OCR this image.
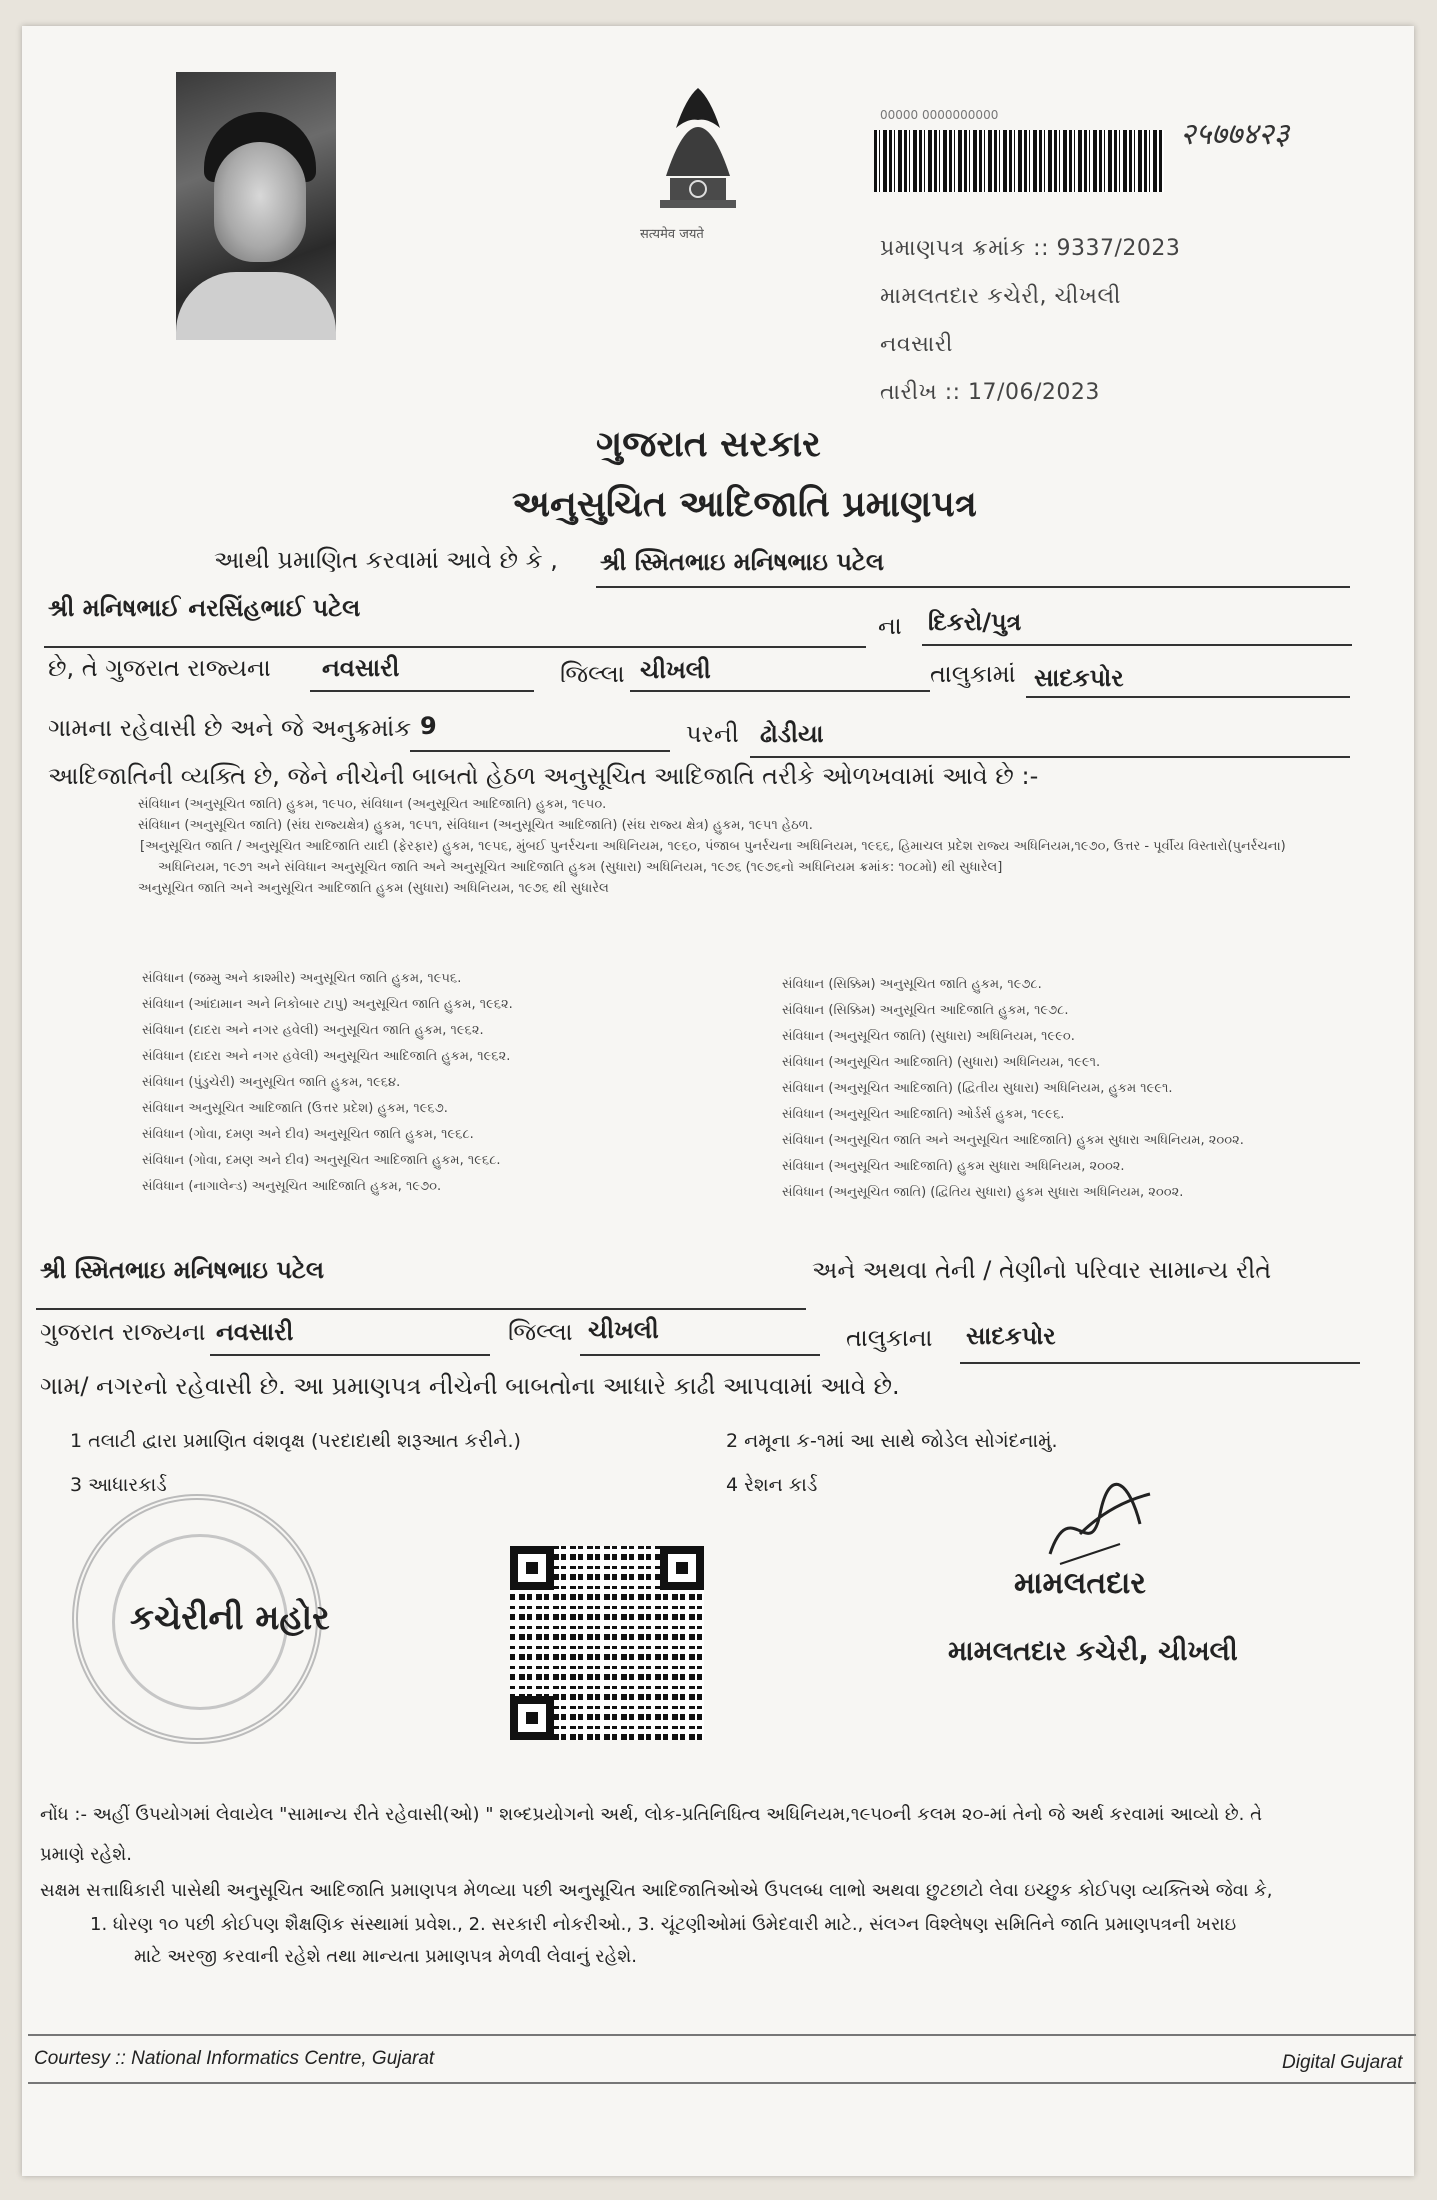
सत्यमेव जयते
00000 0000000000
२५७७४२३
પ્રમાણપત્ર ક્રમાંક :: 9337/2023
મામલતદાર કચેરી, ચીખલી
નવસારી
તારીખ :: 17/06/2023
ગુજરાત સરકાર
અનુસુચિત આદિજાતિ પ્રમાણપત્ર
આથી પ્રમાણિત કરવામાં આવે છે કે , શ્રી સ્મિતભાઇ મનિષભાઇ પટેલ
શ્રી મનિષભાઈ નરસિંહભાઈ પટેલ
ના દિકરો/પુત્ર
છે, તે ગુજરાત રાજ્યના નવસારી	જિલ્લા ચીખલી	તાલુકામાં સાદકપોર
ગામના રહેવાસી છે અને જે અનુક્રમાંક 9	પરની ઢોડીયા
આદિજાતિની વ્યક્તિ છે, જેને નીચેની બાબતો હેઠળ અનુસૂચિત આદિજાતિ તરીકે ઓળખવામાં આવે છે :-
સંવિધાન (અનુસૂચિત જાતિ) હુકમ, ૧૯૫૦, સંવિધાન (અનુસૂચિત આદિજાતિ) હુકમ, ૧૯૫૦.
સંવિધાન (અનુસૂચિત જાતિ) (સંઘ રાજ્યક્ષેત્ર) હુકમ, ૧૯૫૧, સંવિધાન (અનુસૂચિત આદિજાતિ) (સંઘ રાજ્ય ક્ષેત્ર) હુકમ, ૧૯૫૧ હેઠળ.
[અનુસૂચિત જાતિ / અનુસૂચિત આદિજાતિ યાદી (ફેરફાર) હુકમ, ૧૯૫૬, મુંબઈ પુનર્રચના અધિનિયમ, ૧૯૬૦, પંજાબ પુનર્રચના અધિનિયમ, ૧૯૬૬, હિમાચલ પ્રદેશ રાજ્ય અધિનિયમ,૧૯૭૦, ઉત્તર - પૂર્વીય વિસ્તારો(પુનર્રચના)
અધિનિયમ, ૧૯૭૧ અને સંવિધાન અનુસૂચિત જાતિ અને અનુસૂચિત આદિજાતિ હુકમ (સુધારા) અધિનિયમ, ૧૯૭૬ (૧૯૭૬નો અધિનિયમ ક્રમાંક: ૧૦૮મો) થી સુધારેલ]
અનુસૂચિત જાતિ અને અનુસૂચિત આદિજાતિ હુકમ (સુધારા) અધિનિયમ, ૧૯૭૬ થી સુધારેલ
સંવિધાન (જમ્મુ અને કાશ્મીર) અનુસૂચિત જાતિ હુકમ, ૧૯૫૬.
સંવિધાન (આંદામાન અને નિકોબાર ટાપુ) અનુસૂચિત જાતિ હુકમ, ૧૯૬૨.
સંવિધાન (દાદરા અને નગર હવેલી) અનુસૂચિત જાતિ હુકમ, ૧૯૬૨.
સંવિધાન (દાદરા અને નગર હવેલી) અનુસૂચિત આદિજાતિ હુકમ, ૧૯૬૨.
સંવિધાન (પુંડુચેરી) અનુસૂચિત જાતિ હુકમ, ૧૯૬૪.
સંવિધાન અનુસૂચિત આદિજાતિ (ઉત્તર પ્રદેશ) હુકમ, ૧૯૬૭.
સંવિધાન (ગોવા, દમણ અને દીવ) અનુસૂચિત જાતિ હુકમ, ૧૯૬૮.
સંવિધાન (ગોવા, દમણ અને દીવ) અનુસૂચિત આદિજાતિ હુકમ, ૧૯૬૮.
સંવિધાન (નાગાલેન્ડ) અનુસૂચિત આદિજાતિ હુકમ, ૧૯૭૦.
સંવિધાન (સિક્કિમ) અનુસૂચિત જાતિ હુકમ, ૧૯૭૮.
સંવિધાન (સિક્કિમ) અનુસૂચિત આદિજાતિ હુકમ, ૧૯૭૮.
સંવિધાન (અનુસૂચિત જાતિ) (સુધારા) અધિનિયમ, ૧૯૯૦.
સંવિધાન (અનુસૂચિત આદિજાતિ) (સુધારા) અધિનિયમ, ૧૯૯૧.
સંવિધાન (અનુસૂચિત આદિજાતિ) (દ્વિતીય સુધારા) અધિનિયમ, હુકમ ૧૯૯૧.
સંવિધાન (અનુસૂચિત આદિજાતિ) ઓર્ડર્સ હુકમ, ૧૯૯૬.
સંવિધાન (અનુસૂચિત જાતિ અને અનુસૂચિત આદિજાતિ) હુકમ સુધારા અધિનિયમ, ૨૦૦૨.
સંવિધાન (અનુસૂચિત આદિજાતિ) હુકમ સુધારા અધિનિયમ, ૨૦૦૨.
સંવિધાન (અનુસૂચિત જાતિ) (દ્વિતિય સુધારા) હુકમ સુધારા અધિનિયમ, ૨૦૦૨.
શ્રી સ્મિતભાઇ મનિષભાઇ પટેલ	અને અથવા તેની / તેણીનો પરિવાર સામાન્ય રીતે
ગુજરાત રાજ્યના નવસારી	જિલ્લા ચીખલી	તાલુકાના સાદકપોર
ગામ/ નગરનો રહેવાસી છે. આ પ્રમાણપત્ર નીચેની બાબતોના આધારે કાઢી આપવામાં આવે છે.
1 તલાટી દ્વારા પ્રમાણિત વંશવૃક્ષ (પરદાદાથી શરૂઆત કરીને.)	2 નમૂના ક-૧માં આ સાથે જોડેલ સોગંદનામું.
3 આધારકાર્ડ	4 રેશન કાર્ડ
કચેરીની મહોર
મામલતદાર
મામલતદાર કચેરી, ચીખલી
નોંધ :- અહીં ઉપયોગમાં લેવાયેલ "સામાન્ય રીતે રહેવાસી(ઓ) " શબ્દપ્રયોગનો અર્થ, લોક-પ્રતિનિધિત્વ અધિનિયમ,૧૯૫૦ની કલમ ૨૦-માં તેનો જે અર્થ કરવામાં આવ્યો છે. તે
પ્રમાણે રહેશે.
સક્ષમ સત્તાધિકારી પાસેથી અનુસૂચિત આદિજાતિ પ્રમાણપત્ર મેળવ્યા પછી અનુસૂચિત આદિજાતિઓએ ઉપલબ્ધ લાભો અથવા છુટછાટો લેવા ઇચ્છુક કોઈપણ વ્યક્તિએ જેવા કે,
1. ધોરણ ૧૦ પછી કોઈપણ શૈક્ષણિક સંસ્થામાં પ્રવેશ., 2. સરકારી નોકરીઓ., 3. ચૂંટણીઓમાં ઉમેદવારી માટે., સંલગ્ન વિશ્લેષણ સમિતિને જાતિ પ્રમાણપત્રની ખરાઇ
માટે અરજી કરવાની રહેશે તથા માન્યતા પ્રમાણપત્ર મેળવી લેવાનું રહેશે.
Courtesy :: National Informatics Centre, Gujarat	Digital Gujarat
